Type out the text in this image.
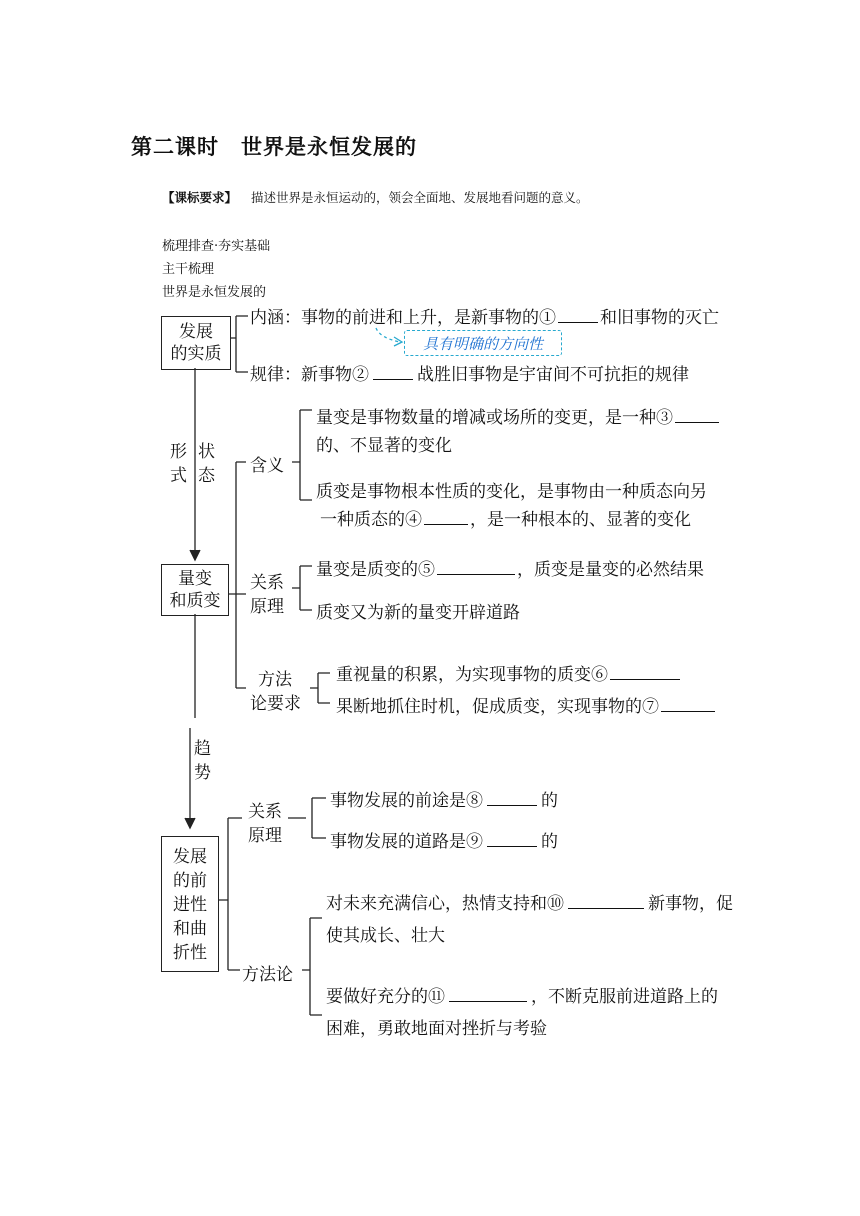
第二课时　世界是永恒发展的
【课标要求】 描述世界是永恒运动的，领会全面地、发展地看问题的意义。
梳理排查·夯实基础
主干梳理
世界是永恒发展的
发展
的实质
内涵：事物的前进和上升，是新事物的①	和旧事物的灭亡
具有明确的方向性
规律：新事物②	战胜旧事物是宇宙间不可抗拒的规律
形 状
式 态 含义
量变是事物数量的增减或场所的变更，是一种③
的、不显著的变化
质变是事物根本性质的变化，是事物由一种质态向另
一种质态的④	，是一种根本的、显著的变化
量变
和质变
关系
原理
量变是质变的⑤	，质变是量变的必然结果
质变又为新的量变开辟道路
方法
论要求
重视量的积累，为实现事物的质变⑥
果断地抓住时机，促成质变，实现事物的⑦
趋
势
发展
的前
进性
和曲
折性
关系
原理
事物发展的前途是⑧	的
事物发展的道路是⑨	的
方法论
对未来充满信心，热情支持和⑩	新事物，促
使其成长、壮大
要做好充分的⑪	，不断克服前进道路上的
困难，勇敢地面对挫折与考验
